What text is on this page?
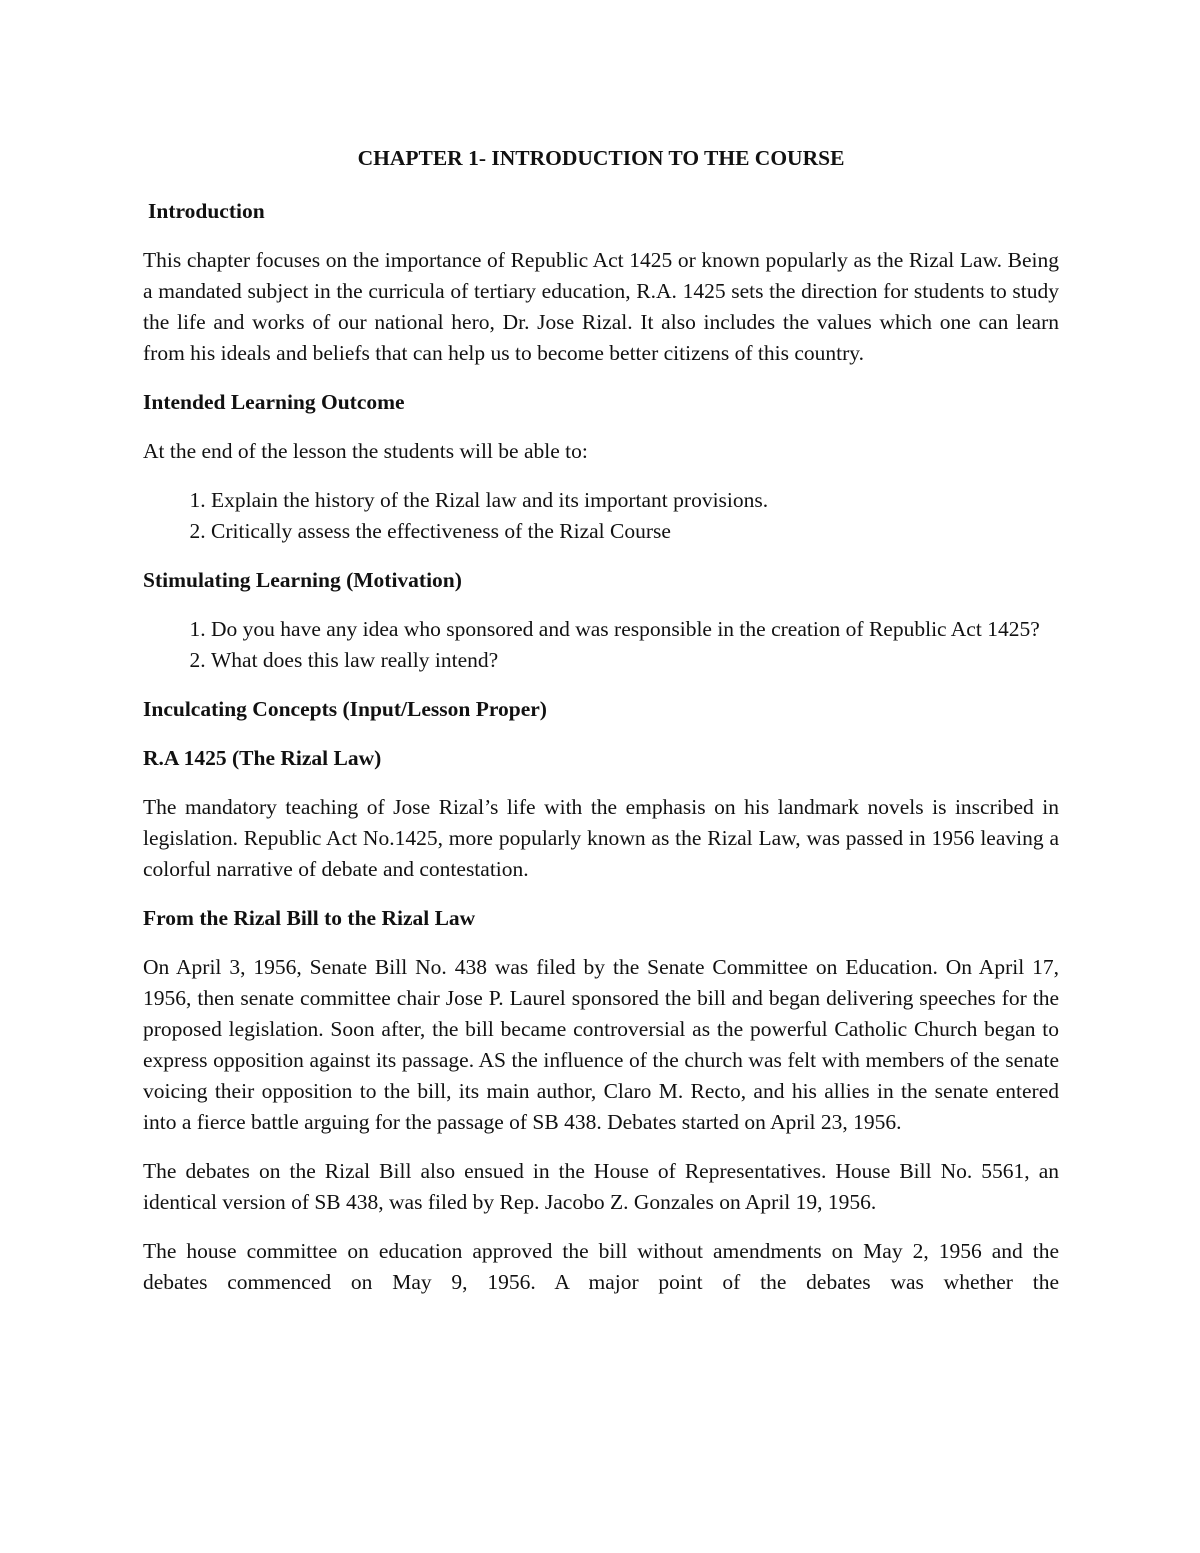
CHAPTER 1- INTRODUCTION TO THE COURSE
Introduction

This chapter focuses on the importance of Republic Act 1425 or known popularly as the Rizal Law. Being a mandated subject in the curricula of tertiary education, R.A. 1425 sets the direction for students to study the life and works of our national hero, Dr. Jose Rizal. It also includes the values which one can learn from his ideals and beliefs that can help us to become better citizens of this country.

Intended Learning Outcome

At the end of the lesson the students will be able to:

1. Explain the history of the Rizal law and its important provisions.
2. Critically assess the effectiveness of the Rizal Course
Stimulating Learning (Motivation)
1. Do you have any idea who sponsored and was responsible in the creation of Republic Act 1425?
2. What does this law really intend?
Inculcating Concepts (Input/Lesson Proper)
R.A 1425 (The Rizal Law)

The mandatory teaching of Jose Rizal’s life with the emphasis on his landmark novels is inscribed in legislation. Republic Act No.1425, more popularly known as the Rizal Law, was passed in 1956 leaving a colorful narrative of debate and contestation.

From the Rizal Bill to the Rizal Law

On April 3, 1956, Senate Bill No. 438 was filed by the Senate Committee on Education. On April 17, 1956, then senate committee chair Jose P. Laurel sponsored the bill and began delivering speeches for the proposed legislation. Soon after, the bill became controversial as the powerful Catholic Church began to express opposition against its passage. AS the influence of the church was felt with members of the senate voicing their opposition to the bill, its main author, Claro M. Recto, and his allies in the senate entered into a fierce battle arguing for the passage of SB 438. Debates started on April 23, 1956.

The debates on the Rizal Bill also ensued in the House of Representatives. House Bill No. 5561, an identical version of SB 438, was filed by Rep. Jacobo Z. Gonzales on April 19, 1956.

The house committee on education approved the bill without amendments on May 2, 1956 and the debates commenced on May 9, 1956. A major point of the debates was whether the
